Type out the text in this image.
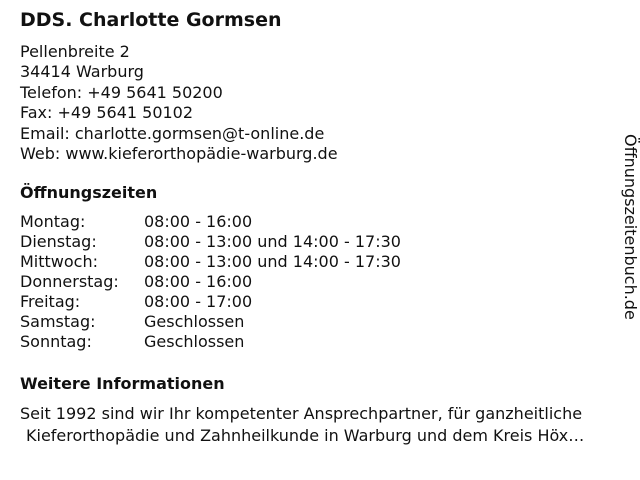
DDS. Charlotte Gormsen
Pellenbreite 2
34414 Warburg
Telefon: +49 5641 50200
Fax: +49 5641 50102
Email: charlotte.gormsen@t-online.de
Web: www.kieferorthopädie-warburg.de
Öffnungszeiten
Montag:	08:00 - 16:00
Dienstag:	08:00 - 13:00 und 14:00 - 17:30
Mittwoch:	08:00 - 13:00 und 14:00 - 17:30
Donnerstag:	08:00 - 16:00
Freitag:	08:00 - 17:00
Samstag:	Geschlossen
Sonntag:	Geschlossen
Weitere Informationen
Seit 1992 sind wir Ihr kompetenter Ansprechpartner, für ganzheitliche
Kieferorthopädie und Zahnheilkunde in Warburg und dem Kreis Höx…
Öffnungszeitenbuch.de
